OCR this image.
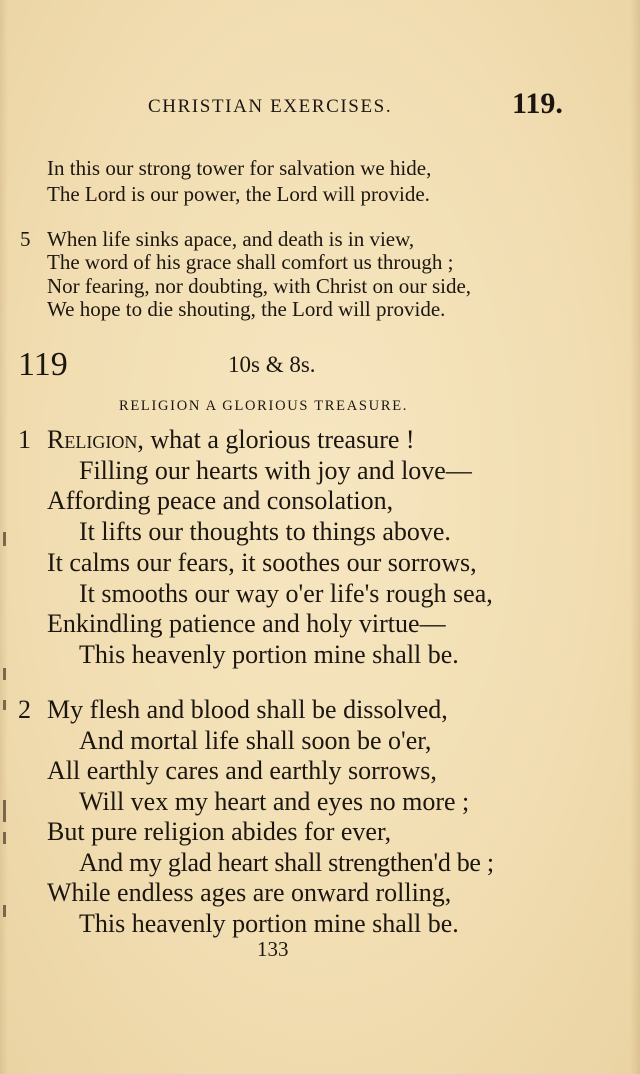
CHRISTIAN EXERCISES.	119.
In this our strong tower for salvation we hide,
The Lord is our power, the Lord will provide.
5 When life sinks apace, and death is in view,
The word of his grace shall comfort us through ;
Nor fearing, nor doubting, with Christ on our side,
We hope to die shouting, the Lord will provide.
119	10s & 8s.
RELIGION A GLORIOUS TREASURE.
1 Religion, what a glorious treasure !
Filling our hearts with joy and love—
Affording peace and consolation,
It lifts our thoughts to things above.
It calms our fears, it soothes our sorrows,
It smooths our way o'er life's rough sea,
Enkindling patience and holy virtue—
This heavenly portion mine shall be.
2 My flesh and blood shall be dissolved,
And mortal life shall soon be o'er,
All earthly cares and earthly sorrows,
Will vex my heart and eyes no more ;
But pure religion abides for ever,
And my glad heart shall strengthen'd be ;
While endless ages are onward rolling,
This heavenly portion mine shall be.
133
